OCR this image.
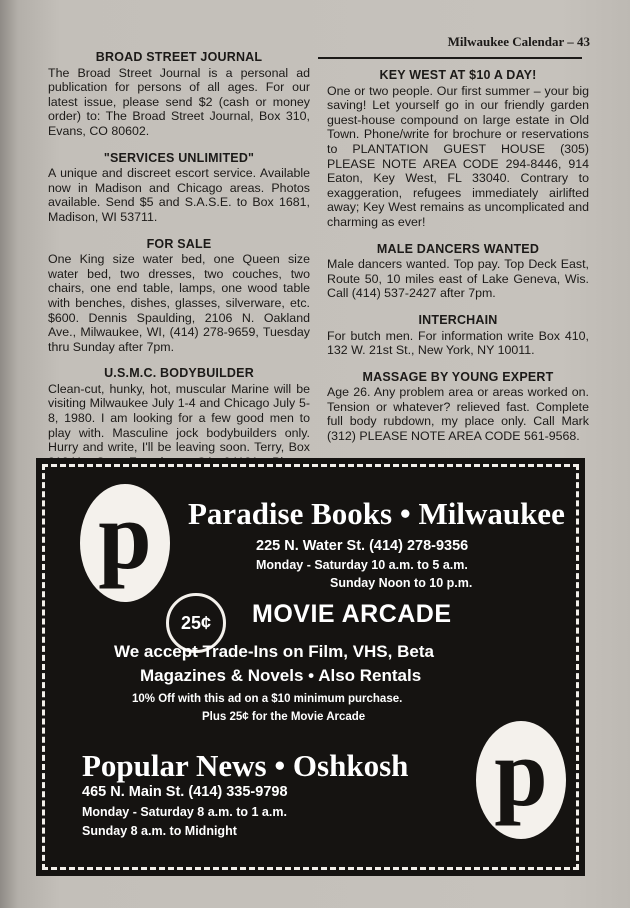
Milwaukee Calendar – 43
BROAD STREET JOURNAL

The Broad Street Journal is a personal ad publication for persons of all ages. For our latest issue, please send $2 (cash or money order) to: The Broad Street Journal, Box 310, Evans, CO 80602.

"SERVICES UNLIMITED"

A unique and discreet escort service. Available now in Madison and Chicago areas. Photos available. Send $5 and S.A.S.E. to Box 1681, Madison, WI 53711.

FOR SALE

One King size water bed, one Queen size water bed, two dresses, two couches, two chairs, one end table, lamps, one wood table with benches, dishes, glasses, silverware, etc. $600. Dennis Spaulding, 2106 N. Oakland Ave., Milwaukee, WI, (414) 278-9659, Tuesday thru Sunday after 7pm.

U.S.M.C. BODYBUILDER

Clean-cut, hunky, hot, muscular Marine will be visiting Milwaukee July 1-4 and Chicago July 5-8, 1980. I am looking for a few good men to play with. Masculine jock bodybuilders only. Hurry and write, I'll be leaving soon. Terry, Box

KEY WEST AT $10 A DAY!

One or two people. Our first summer – your big saving! Let yourself go in our friendly garden guest-house compound on large estate in Old Town. Phone/write for brochure or reservations to PLANTATION GUEST HOUSE (305) PLEASE NOTE AREA CODE 294-8446, 914 Eaton, Key West, FL 33040. Contrary to exaggeration, refugees immediately airlifted away; Key West remains as uncomplicated and charming as ever!

MALE DANCERS WANTED

Male dancers wanted. Top pay. Top Deck East, Route 50, 10 miles east of Lake Geneva, Wis. Call (414) 537-2427 after 7pm.

INTERCHAIN

For butch men. For information write Box 410, 132 W. 21st St., New York, NY 10011.

MASSAGE BY YOUNG EXPERT

Age 26. Any problem area or areas worked on. Tension or whatever? relieved fast. Complete full body rubdown, my place only. Call Mark (312) PLEASE NOTE AREA CODE 561-9568.

p Paradise Books • Milwaukee
225 N. Water St. (414) 278-9356
Monday - Saturday 10 a.m. to 5 a.m.
Sunday Noon to 10 p.m.
25¢	MOVIE ARCADE
We accept Trade-Ins on Film, VHS, Beta
Magazines & Novels • Also Rentals
10% Off with this ad on a $10 minimum purchase.
Plus 25¢ for the Movie Arcade
Popular News • Oshkosh
465 N. Main St. (414) 335-9798
Monday - Saturday 8 a.m. to 1 a.m.
Sunday 8 a.m. to Midnight
p
